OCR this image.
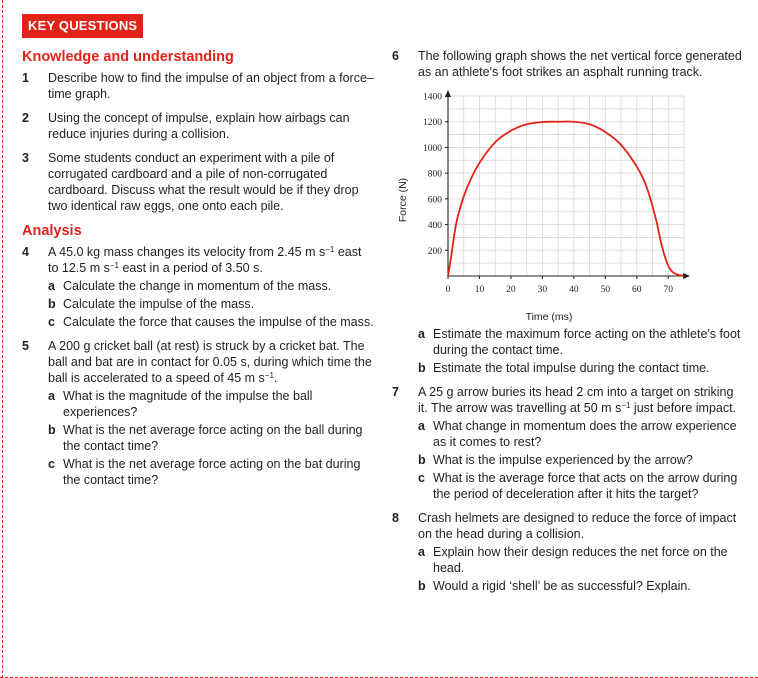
KEY QUESTIONS
Knowledge and understanding
1 Describe how to find the impulse of an object from a force–time graph.
2 Using the concept of impulse, explain how airbags can reduce injuries during a collision.
3 Some students conduct an experiment with a pile of corrugated cardboard and a pile of non-corrugated cardboard. Discuss what the result would be if they drop two identical raw eggs, one onto each pile.
Analysis
4 A 45.0 kg mass changes its velocity from 2.45 m $s^{-1}$ east to 12.5 m $s^{-1}$ east in a period of 3.50 s.
a Calculate the change in momentum of the mass.
b Calculate the impulse of the mass.
c Calculate the force that causes the impulse of the mass.
5 A 200 g cricket ball (at rest) is struck by a cricket bat. The ball and bat are in contact for 0.05 s, during which time the ball is accelerated to a speed of 45 m $s^{-1}$.
a What is the magnitude of the impulse the ball experiences?
b What is the net average force acting on the ball during the contact time?
c What is the net average force acting on the bat during the contact time?
6 The following graph shows the net vertical force generated as an athlete's foot strikes an asphalt running track.
200
400
600
800
1000
1200
1400
0	10 20 30 40 50 60 70
Force (N)
Time (ms)
a Estimate the maximum force acting on the athlete's foot during the contact time.
b Estimate the total impulse during the contact time.
7 A 25 g arrow buries its head 2 cm into a target on striking it. The arrow was travelling at 50 m $s^{-1}$ just before impact.
a What change in momentum does the arrow experience as it comes to rest?
b What is the impulse experienced by the arrow?
c What is the average force that acts on the arrow during the period of deceleration after it hits the target?
8 Crash helmets are designed to reduce the force of impact on the head during a collision.
a Explain how their design reduces the net force on the head.
b Would a rigid ‘shell’ be as successful? Explain.
